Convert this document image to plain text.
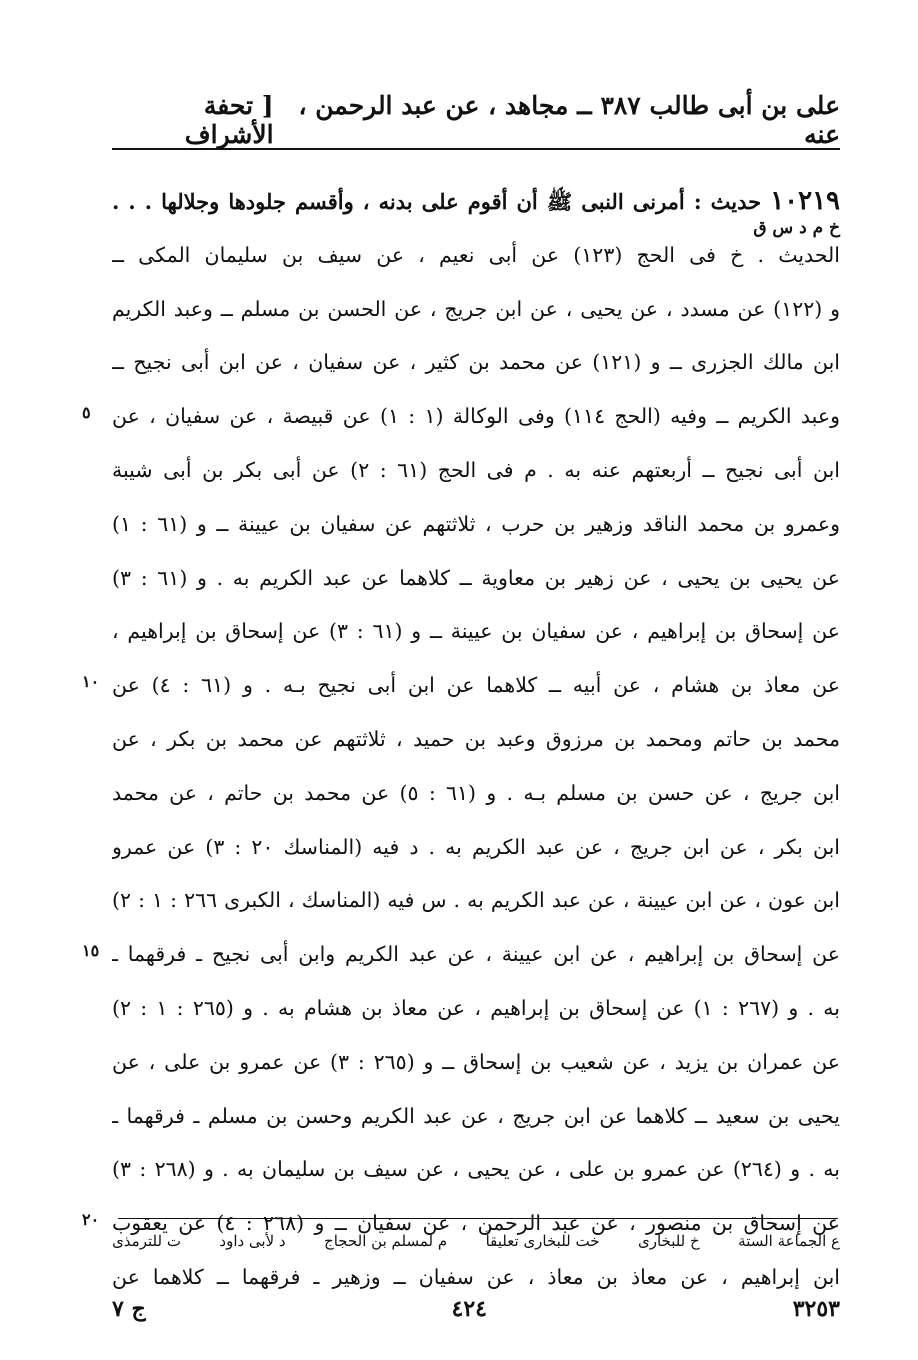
على بن أبى طالب ٣٨٧ ــ مجاهد ، عن عبد الرحمن ، عنه
[ تحفة الأشراف
١٠٢١٩ حديث : أمرنى النبى ﷺ أن أقوم على بدنه ، وأقسم جلودها وجلالها . . .
خ م د س ق
الحديث . خ فى الحج (١٢٣) عن أبى نعيم ، عن سيف بن سليمان المكى ــ
و (١٢٢) عن مسدد ، عن يحيى ، عن ابن جريج ، عن الحسن بن مسلم ــ وعبد الكريم
ابن مالك الجزرى ــ و (١٢١) عن محمد بن كثير ، عن سفيان ، عن ابن أبى نجيح ــ
وعبد الكريم ــ وفيه (الحج ١١٤) وفى الوكالة (١ : ١) عن قبيصة ، عن سفيان ، عن
٥
ابن أبى نجيح ــ أربعتهم عنه به . م فى الحج (٦١ : ٢) عن أبى بكر بن أبى شيبة
وعمرو بن محمد الناقد وزهير بن حرب ، ثلاثتهم عن سفيان بن عيينة ــ و (٦١ : ١)
عن يحيى بن يحيى ، عن زهير بن معاوية ــ كلاهما عن عبد الكريم به . و (٦١ : ٣)
عن إسحاق بن إبراهيم ، عن سفيان بن عيينة ــ و (٦١ : ٣) عن إسحاق بن إبراهيم ،
عن معاذ بن هشام ، عن أبيه ــ كلاهما عن ابن أبى نجيح بـه . و (٦١ : ٤) عن
١٠
محمد بن حاتم ومحمد بن مرزوق وعبد بن حميد ، ثلاثتهم عن محمد بن بكر ، عن
ابن جريج ، عن حسن بن مسلم بـه . و (٦١ : ٥) عن محمد بن حاتم ، عن محمد
ابن بكر ، عن ابن جريج ، عن عبد الكريم به . د فيه (المناسك ٢٠ : ٣) عن عمرو
ابن عون ، عن ابن عيينة ، عن عبد الكريم به . س فيه (المناسك ، الكبرى ٢٦٦ : ١ : ٢)
عن إسحاق بن إبراهيم ، عن ابن عيينة ، عن عبد الكريم وابن أبى نجيح ـ فرقهما ـ
١٥
به . و (٢٦٧ : ١) عن إسحاق بن إبراهيم ، عن معاذ بن هشام به . و (٢٦٥ : ١ : ٢)
عن عمران بن يزيد ، عن شعيب بن إسحاق ــ و (٢٦٥ : ٣) عن عمرو بن على ، عن
يحيى بن سعيد ــ كلاهما عن ابن جريج ، عن عبد الكريم وحسن بن مسلم ـ فرقهما ـ
به . و (٢٦٤) عن عمرو بن على ، عن يحيى ، عن سيف بن سليمان به . و (٢٦٨ : ٣)
عن إسحاق بن منصور ، عن عبد الرحمن ، عن سفيان ــ و (٢٦٨ : ٤) عن يعقوب
٢٠
ابن إبراهيم ، عن معاذ بن معاذ ، عن سفيان ــ وزهير ـ فرقهما ــ كلاهما عن
ع الجماعة الستة
خ للبخارى
خت للبخارى تعليقاً
م لمسلم بن الحجاج
د لأبى داود
ت للترمذى
٣٢٥٣
٤٢٤
ج ٧
